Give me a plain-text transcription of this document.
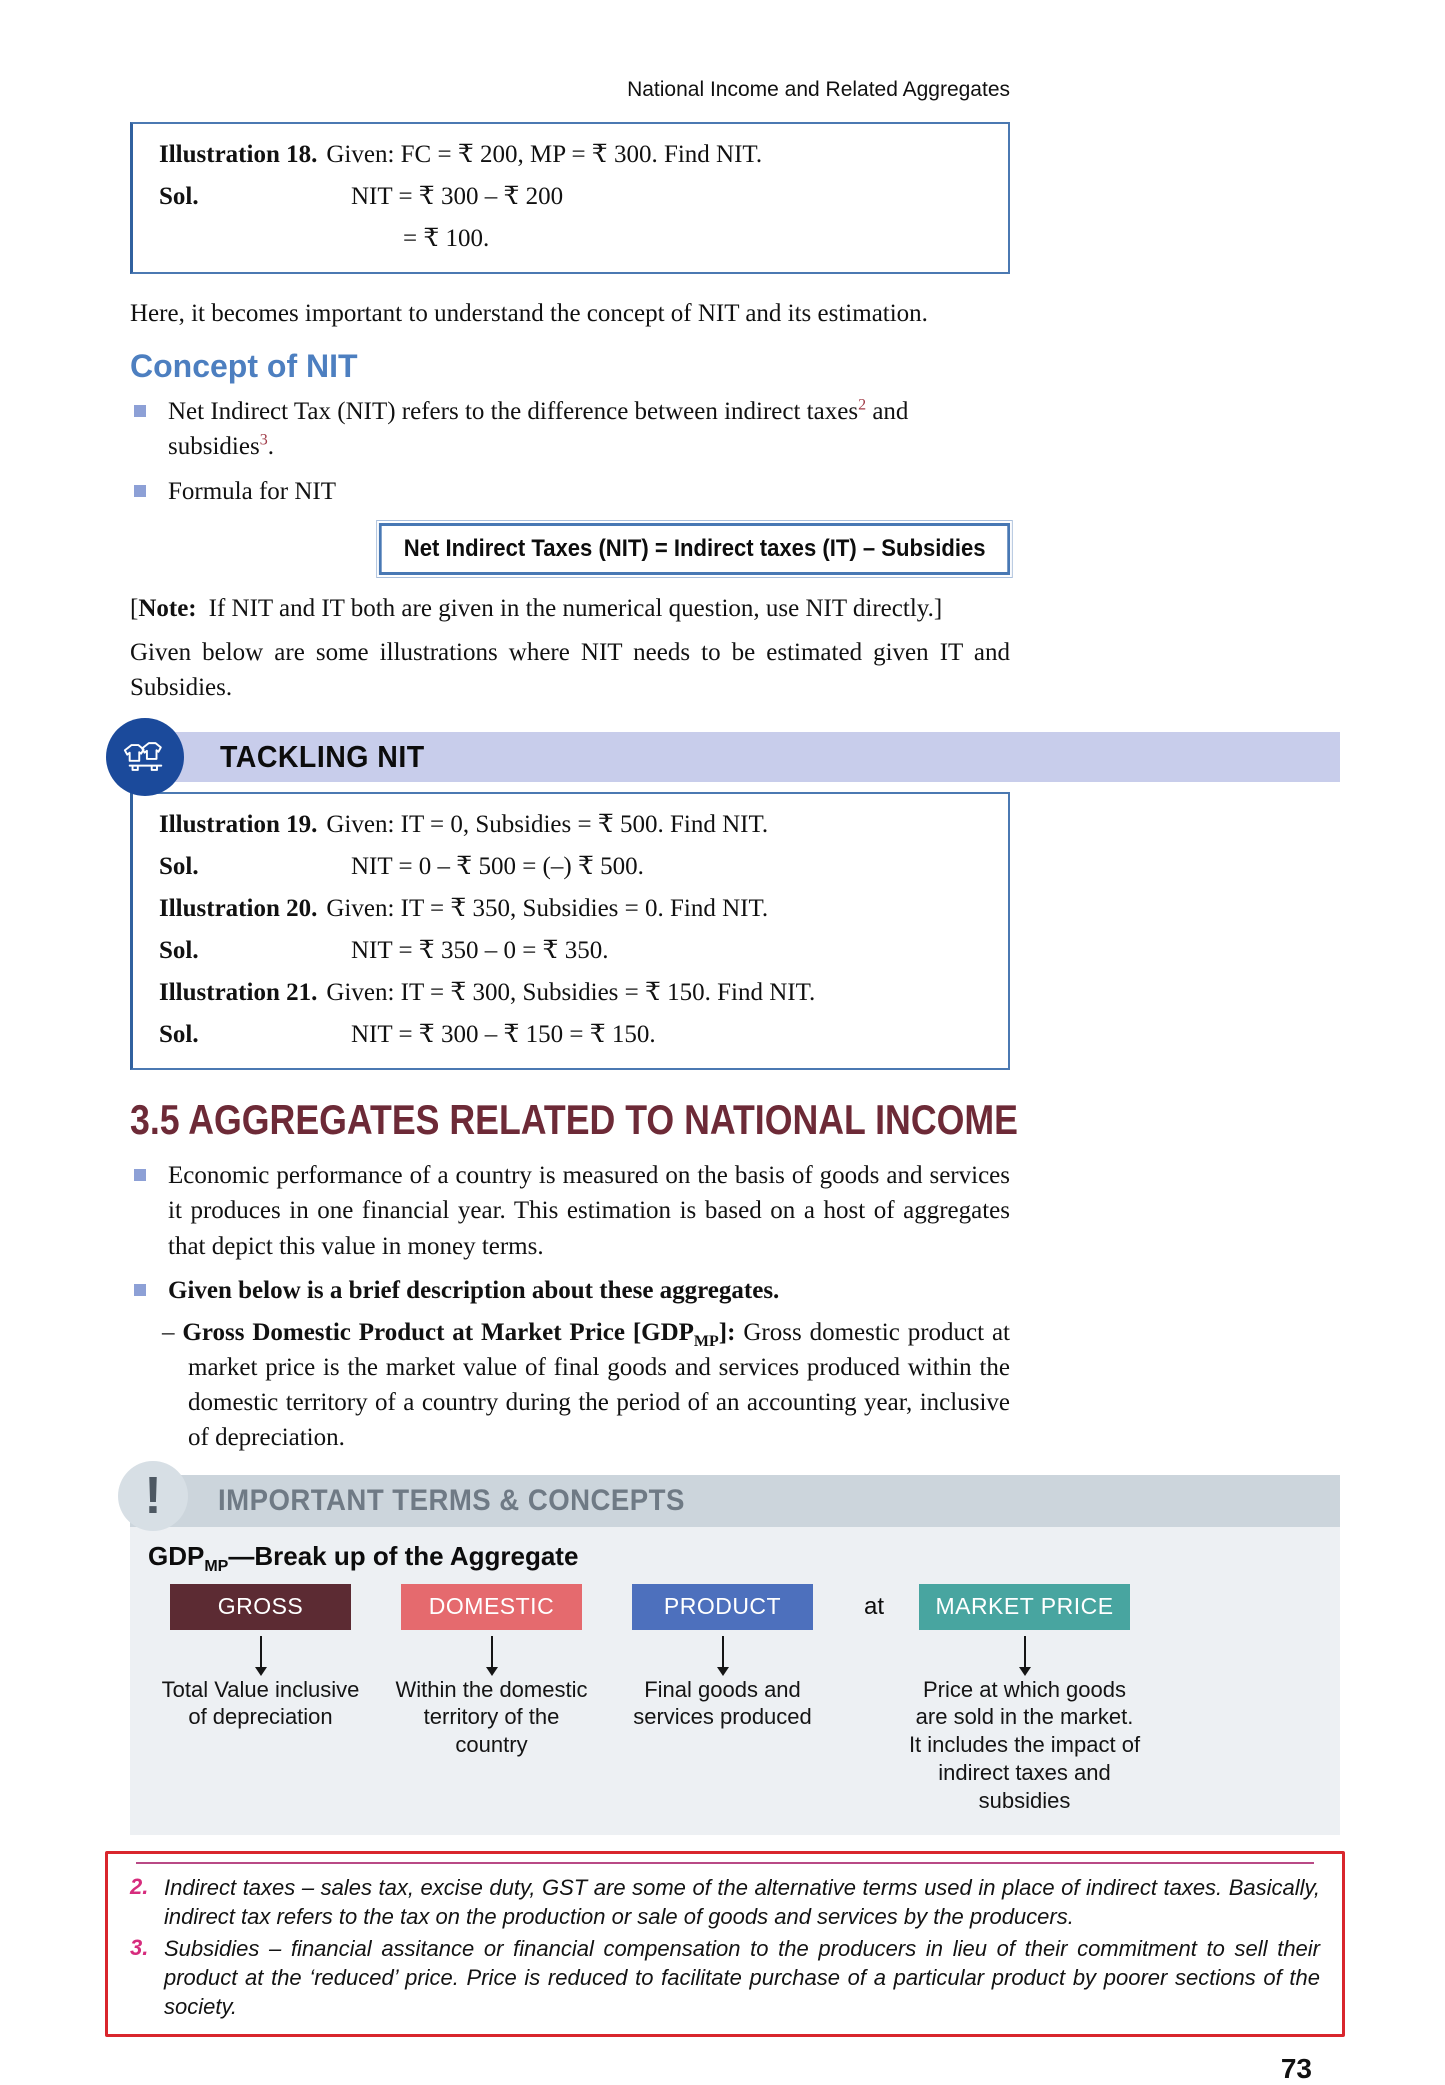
National Income and Related Aggregates
Illustration 18. Given: FC = ₹ 200, MP = ₹ 300. Find NIT.
Sol.	NIT = ₹ 300 – ₹ 200
= ₹ 100.

Here, it becomes important to understand the concept of NIT and its estimation.

Concept of NIT
Net Indirect Tax (NIT) refers to the difference between indirect taxes$^2$ and subsidies$^3$.
Formula for NIT
Net Indirect Taxes (NIT) = Indirect taxes (IT) – Subsidies

[Note: If NIT and IT both are given in the numerical question, use NIT directly.]

Given below are some illustrations where NIT needs to be estimated given IT and Subsidies.

TACKLING NIT
Illustration 19. Given: IT = 0, Subsidies = ₹ 500. Find NIT.
Sol.	NIT = 0 – ₹ 500 = (–) ₹ 500.
Illustration 20. Given: IT = ₹ 350, Subsidies = 0. Find NIT.
Sol.	NIT = ₹ 350 – 0 = ₹ 350.
Illustration 21. Given: IT = ₹ 300, Subsidies = ₹ 150. Find NIT.
Sol.	NIT = ₹ 300 – ₹ 150 = ₹ 150.
3.5 AGGREGATES RELATED TO NATIONAL INCOME
Economic performance of a country is measured on the basis of goods and services it produces in one financial year. This estimation is based on a host of aggregates that depict this value in money terms.
Given below is a brief description about these aggregates.

– Gross Domestic Product at Market Price $[GDP_{MP}]$: Gross domestic product at market price is the market value of final goods and services produced within the domestic territory of a country during the period of an accounting year, inclusive of depreciation.

IMPORTANT TERMS & CONCEPTS
!
$GDP_{MP}—Break$ up of the Aggregate
GROSS
Total Value inclusive of depreciation
DOMESTIC
Within the domestic territory of the country
PRODUCT
Final goods and services produced
at	MARKET PRICE
Price at which goods are sold in the market. It includes the impact of indirect taxes and subsidies
2. Indirect taxes – sales tax, excise duty, GST are some of the alternative terms used in place of indirect taxes. Basically, indirect tax refers to the tax on the production or sale of goods and services by the producers.
3. Subsidies – financial assitance or financial compensation to the producers in lieu of their commitment to sell their product at the ‘reduced’ price. Price is reduced to facilitate purchase of a particular product by poorer sections of the society.
73
